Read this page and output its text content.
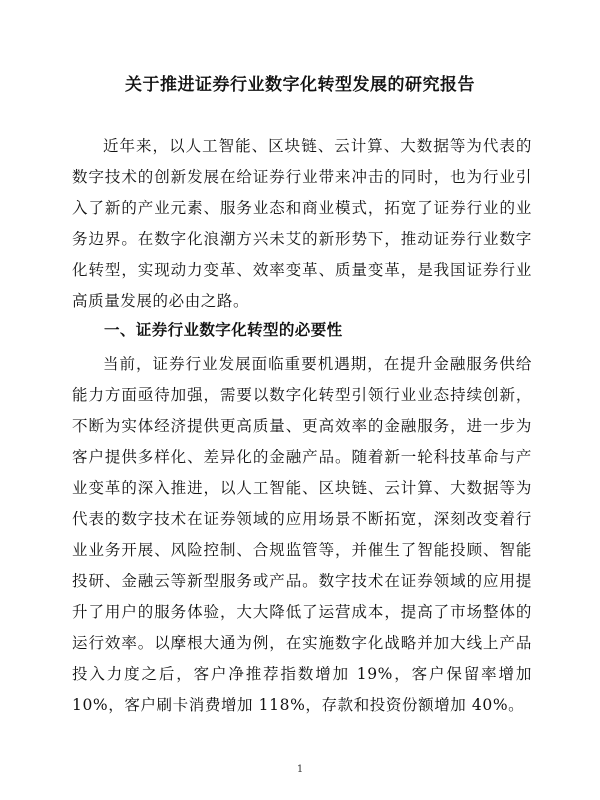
关于推进证券行业数字化转型发展的研究报告
近年来，以人工智能、区块链、云计算、大数据等为代表的数字技术的创新发展在给证券行业带来冲击的同时，也为行业引入了新的产业元素、服务业态和商业模式，拓宽了证券行业的业务边界。在数字化浪潮方兴未艾的新形势下，推动证券行业数字化转型，实现动力变革、效率变革、质量变革，是我国证券行业高质量发展的必由之路。
一、证券行业数字化转型的必要性
当前，证券行业发展面临重要机遇期，在提升金融服务供给能力方面亟待加强，需要以数字化转型引领行业业态持续创新，不断为实体经济提供更高质量、更高效率的金融服务，进一步为客户提供多样化、差异化的金融产品。随着新一轮科技革命与产业变革的深入推进，以人工智能、区块链、云计算、大数据等为代表的数字技术在证券领域的应用场景不断拓宽，深刻改变着行业业务开展、风险控制、合规监管等，并催生了智能投顾、智能投研、金融云等新型服务或产品。数字技术在证券领域的应用提升了用户的服务体验，大大降低了运营成本，提高了市场整体的运行效率。以摩根大通为例，在实施数字化战略并加大线上产品投入力度之后，客户净推荐指数增加 19%，客户保留率增加 10%，客户刷卡消费增加 118%，存款和投资份额增加 40%。
1
